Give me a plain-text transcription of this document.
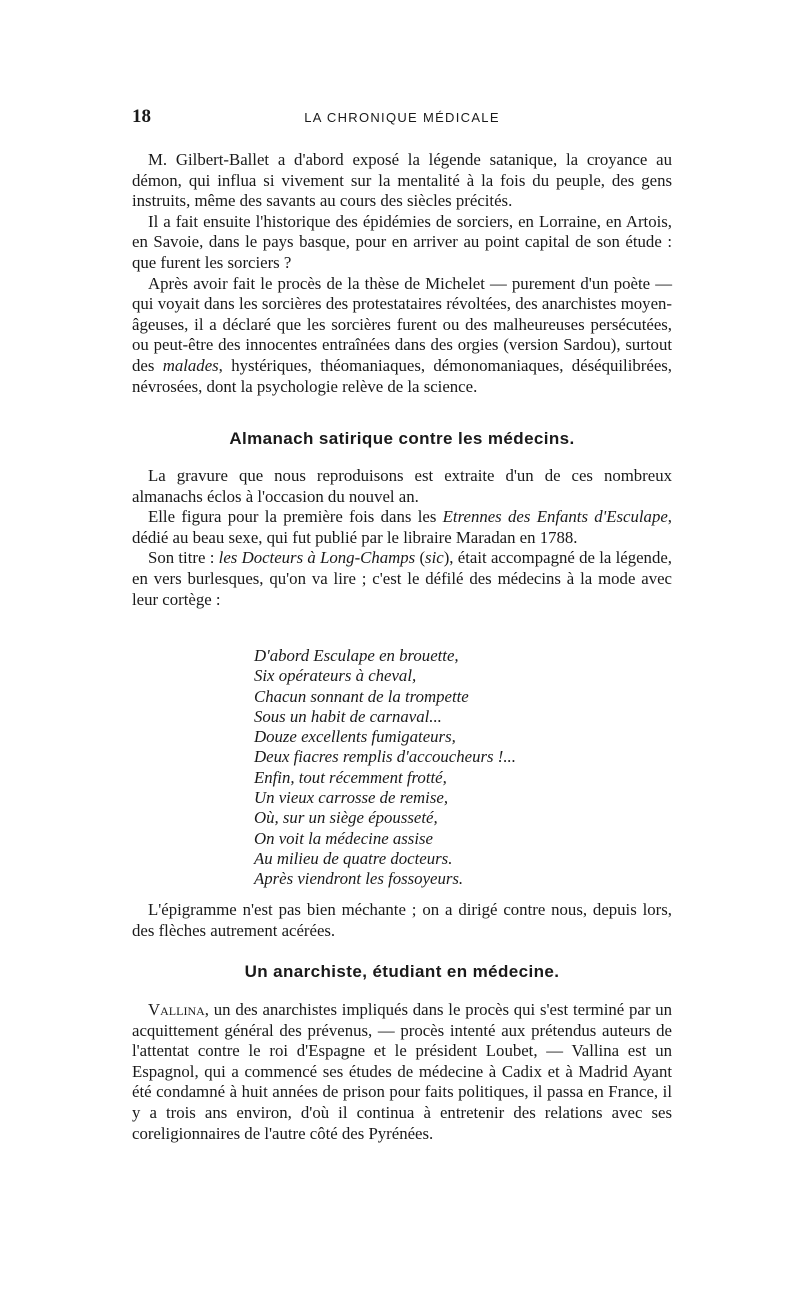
18	LA CHRONIQUE MÉDICALE

M. Gilbert-Ballet a d'abord exposé la légende satanique, la croyance au démon, qui influa si vivement sur la mentalité à la fois du peuple, des gens instruits, même des savants au cours des siècles précités.

Il a fait ensuite l'historique des épidémies de sorciers, en Lorraine, en Artois, en Savoie, dans le pays basque, pour en arriver au point capital de son étude : que furent les sorciers ?

Après avoir fait le procès de la thèse de Michelet — purement d'un poète — qui voyait dans les sorcières des protestataires révoltées, des anarchistes moyen-âgeuses, il a déclaré que les sorcières furent ou des malheureuses persécutées, ou peut-être des innocentes entraînées dans des orgies (version Sardou), surtout des malades, hystériques, théomaniaques, démonomaniaques, déséquilibrées, névrosées, dont la psychologie relève de la science.

Almanach satirique contre les médecins.

La gravure que nous reproduisons est extraite d'un de ces nombreux almanachs éclos à l'occasion du nouvel an.

Elle figura pour la première fois dans les Etrennes des Enfants d'Esculape, dédié au beau sexe, qui fut publié par le libraire Maradan en 1788.

Son titre : les Docteurs à Long-Champs (sic), était accompagné de la légende, en vers burlesques, qu'on va lire ; c'est le défilé des médecins à la mode avec leur cortège :

D'abord Esculape en brouette,
Six opérateurs à cheval,
Chacun sonnant de la trompette
Sous un habit de carnaval...
Douze excellents fumigateurs,
Deux fiacres remplis d'accoucheurs !...
Enfin, tout récemment frotté,
Un vieux carrosse de remise,
Où, sur un siège épousseté,
On voit la médecine assise
Au milieu de quatre docteurs.
Après viendront les fossoyeurs.

L'épigramme n'est pas bien méchante ; on a dirigé contre nous, depuis lors, des flèches autrement acérées.

Un anarchiste, étudiant en médecine.

Vallina, un des anarchistes impliqués dans le procès qui s'est terminé par un acquittement général des prévenus, — procès intenté aux prétendus auteurs de l'attentat contre le roi d'Espagne et le président Loubet, — Vallina est un Espagnol, qui a commencé ses études de médecine à Cadix et à Madrid Ayant été condamné à huit années de prison pour faits politiques, il passa en France, il y a trois ans environ, d'où il continua à entretenir des relations avec ses coreligionnaires de l'autre côté des Pyrénées.
